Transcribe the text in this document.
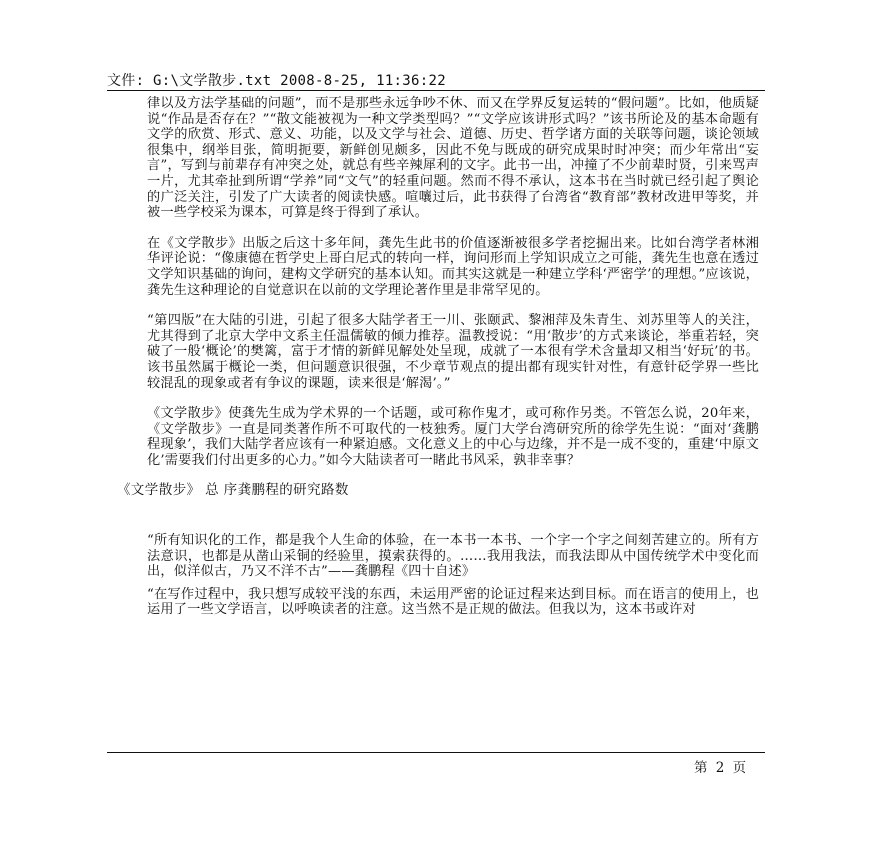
文件: G:\文学散步.txt 2008-8-25, 11:36:22

律以及方法学基础的问题”，而不是那些永远争吵不休、而又在学界反复运转的“假问题”。比如，他质疑说“作品是否存在？”“散文能被视为一种文学类型吗？”“文学应该讲形式吗？”该书所论及的基本命题有文学的欣赏、形式、意义、功能，以及文学与社会、道德、历史、哲学诸方面的关联等问题，谈论领域很集中，纲举目张，简明扼要，新鲜创见颇多，因此不免与既成的研究成果时时冲突；而少年常出“妄言”，写到与前辈存有冲突之处，就总有些辛辣犀利的文字。此书一出，冲撞了不少前辈时贤，引来骂声一片，尤其牵扯到所谓“学养”同“文气”的轻重问题。然而不得不承认，这本书在当时就已经引起了舆论的广泛关注，引发了广大读者的阅读快感。喧嚷过后，此书获得了台湾省“教育部”教材改进甲等奖，并被一些学校采为课本，可算是终于得到了承认。

在《文学散步》出版之后这十多年间，龚先生此书的价值逐渐被很多学者挖掘出来。比如台湾学者林湘华评论说：“像康德在哲学史上哥白尼式的转向一样，询问形而上学知识成立之可能，龚先生也意在透过文学知识基础的询问，建构文学研究的基本认知。而其实这就是一种建立学科‘严密学’的理想。”应该说，龚先生这种理论的自觉意识在以前的文学理论著作里是非常罕见的。

“第四版”在大陆的引进，引起了很多大陆学者王一川、张颐武、黎湘萍及朱青生、刘苏里等人的关注，尤其得到了北京大学中文系主任温儒敏的倾力推荐。温教授说：“用‘散步’的方式来谈论，举重若轻，突破了一般‘概论’的樊篱，富于才情的新鲜见解处处呈现，成就了一本很有学术含量却又相当‘好玩’的书。该书虽然属于概论一类，但问题意识很强，不少章节观点的提出都有现实针对性，有意针砭学界一些比较混乱的现象或者有争议的课题，读来很是‘解渴’。”

《文学散步》使龚先生成为学术界的一个话题，或可称作鬼才，或可称作另类。不管怎么说，20年来，《文学散步》一直是同类著作所不可取代的一枝独秀。厦门大学台湾研究所的徐学先生说：“面对‘龚鹏程现象’，我们大陆学者应该有一种紧迫感。文化意义上的中心与边缘，并不是一成不变的，重建‘中原文化’需要我们付出更多的心力。”如今大陆读者可一睹此书风采，孰非幸事？

《文学散步》 总 序龚鹏程的研究路数

“所有知识化的工作，都是我个人生命的体验，在一本书一本书、一个字一个字之间刻苦建立的。所有方法意识，也都是从凿山采铜的经验里，摸索获得的。……我用我法，而我法即从中国传统学术中变化而出，似洋似古，乃又不洋不古”——龚鹏程《四十自述》

“在写作过程中，我只想写成较平浅的东西，未运用严密的论证过程来达到目标。而在语言的使用上，也运用了一些文学语言，以呼唤读者的注意。这当然不是正规的做法。但我以为，这本书或许对

第 2 页
